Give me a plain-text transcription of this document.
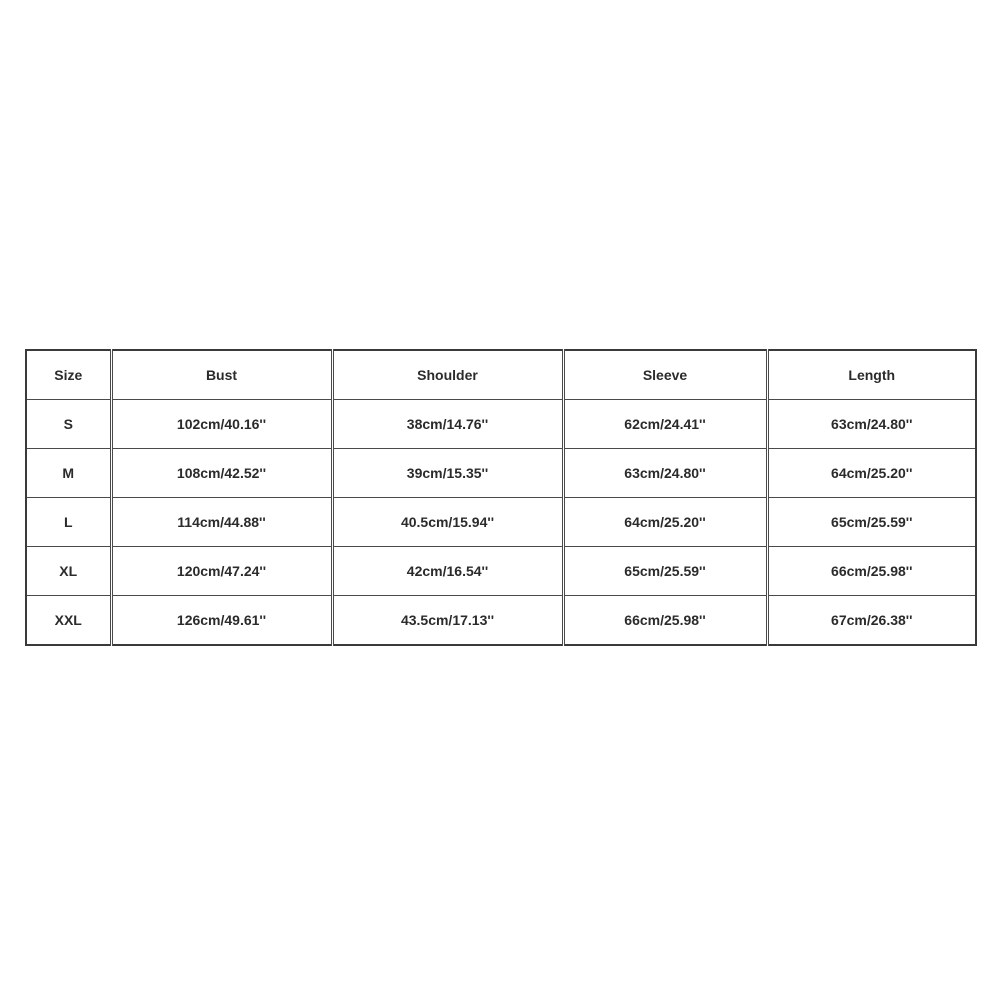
Size	Bust	Shoulder	Sleeve	Length
S	102cm/40.16''	38cm/14.76''	62cm/24.41''	63cm/24.80''
M	108cm/42.52''	39cm/15.35''	63cm/24.80''	64cm/25.20''
L	114cm/44.88''	40.5cm/15.94''	64cm/25.20''	65cm/25.59''
XL	120cm/47.24''	42cm/16.54''	65cm/25.59''	66cm/25.98''
XXL	126cm/49.61''	43.5cm/17.13''	66cm/25.98''	67cm/26.38''
